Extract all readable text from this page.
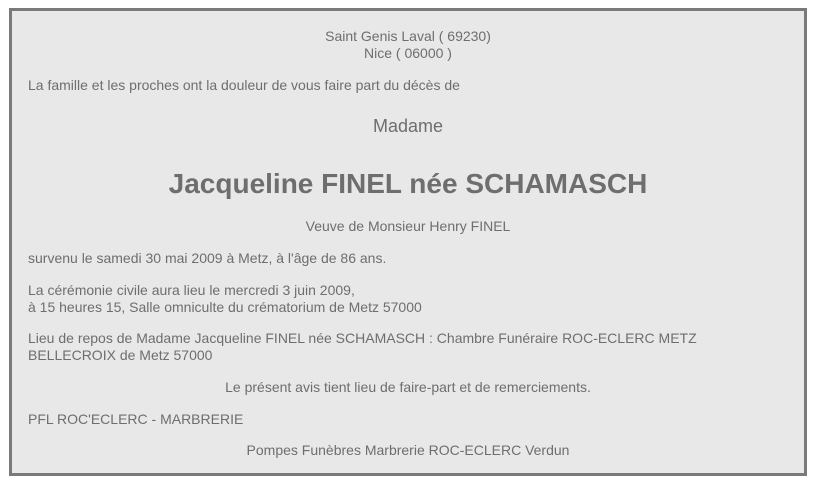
Saint Genis Laval ( 69230)
Nice ( 06000 )
La famille et les proches ont la douleur de vous faire part du décès de
Madame
Jacqueline FINEL née SCHAMASCH
Veuve de Monsieur Henry FINEL
survenu le samedi 30 mai 2009 à Metz, à l'âge de 86 ans.
La cérémonie civile aura lieu le mercredi 3 juin 2009,
à 15 heures 15, Salle omniculte du crématorium de Metz 57000
Lieu de repos de Madame Jacqueline FINEL née SCHAMASCH : Chambre Funéraire ROC-ECLERC METZ
BELLECROIX de Metz 57000
Le présent avis tient lieu de faire-part et de remerciements.
PFL ROC'ECLERC - MARBRERIE
Pompes Funèbres Marbrerie ROC-ECLERC Verdun
